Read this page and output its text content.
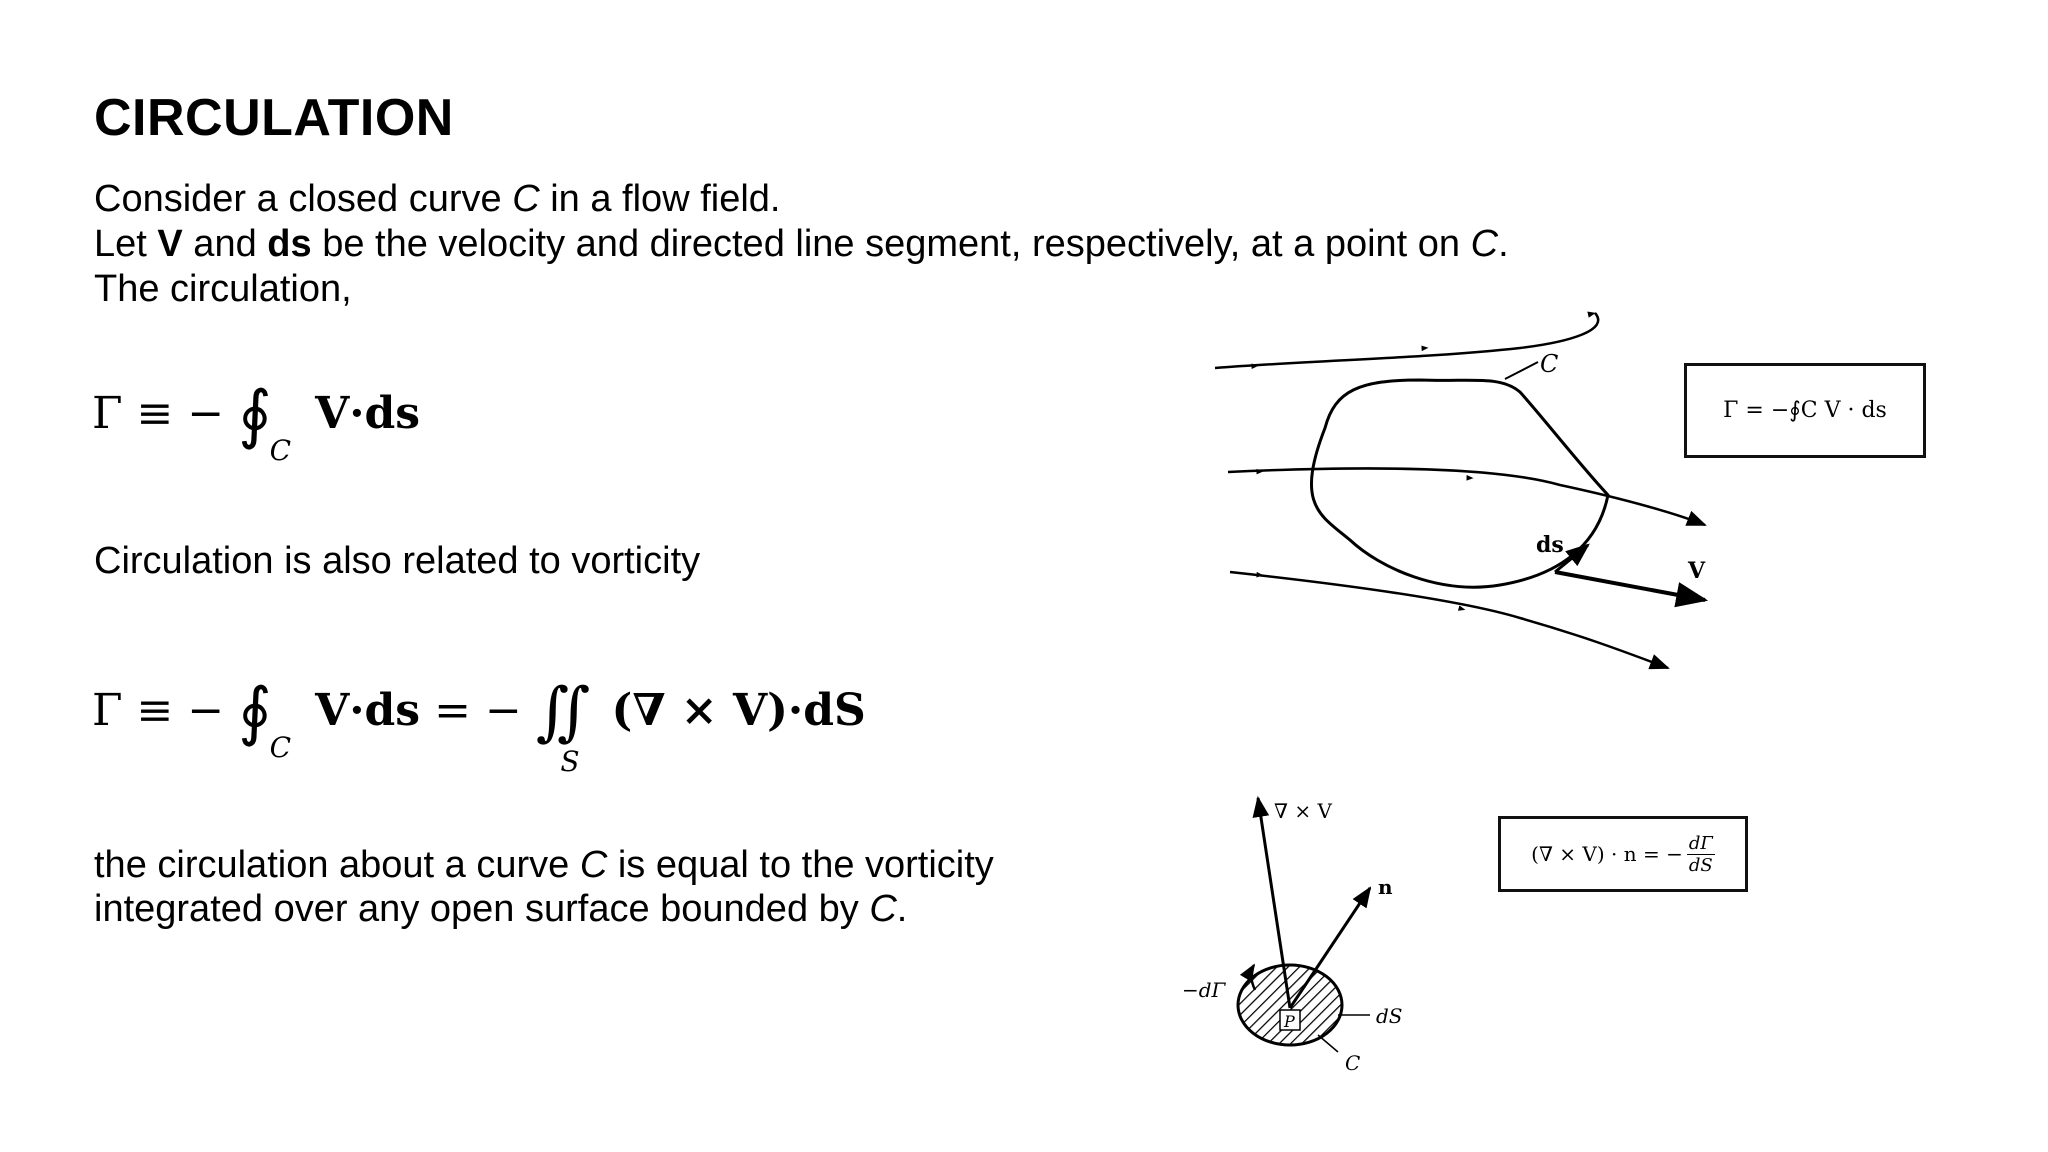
CIRCULATION
Consider a closed curve C in a flow field.
Let V and ds be the velocity and directed line segment, respectively, at a point on C.
The circulation,
Γ ≡ − $∮_C$ V·ds
Circulation is also related to vorticity
Γ ≡ − $∮_C$ V·ds = − $∬_S$ (∇ × V)·dS
the circulation about a curve C is equal to the vorticity
integrated over any open surface bounded by C.
C
ds
V
Γ = −∮C V · ds
P
∇ × V
n
−dΓ
dS
C
(∇ × V) · n = − $\frac{d\Gamma}{dS}$
